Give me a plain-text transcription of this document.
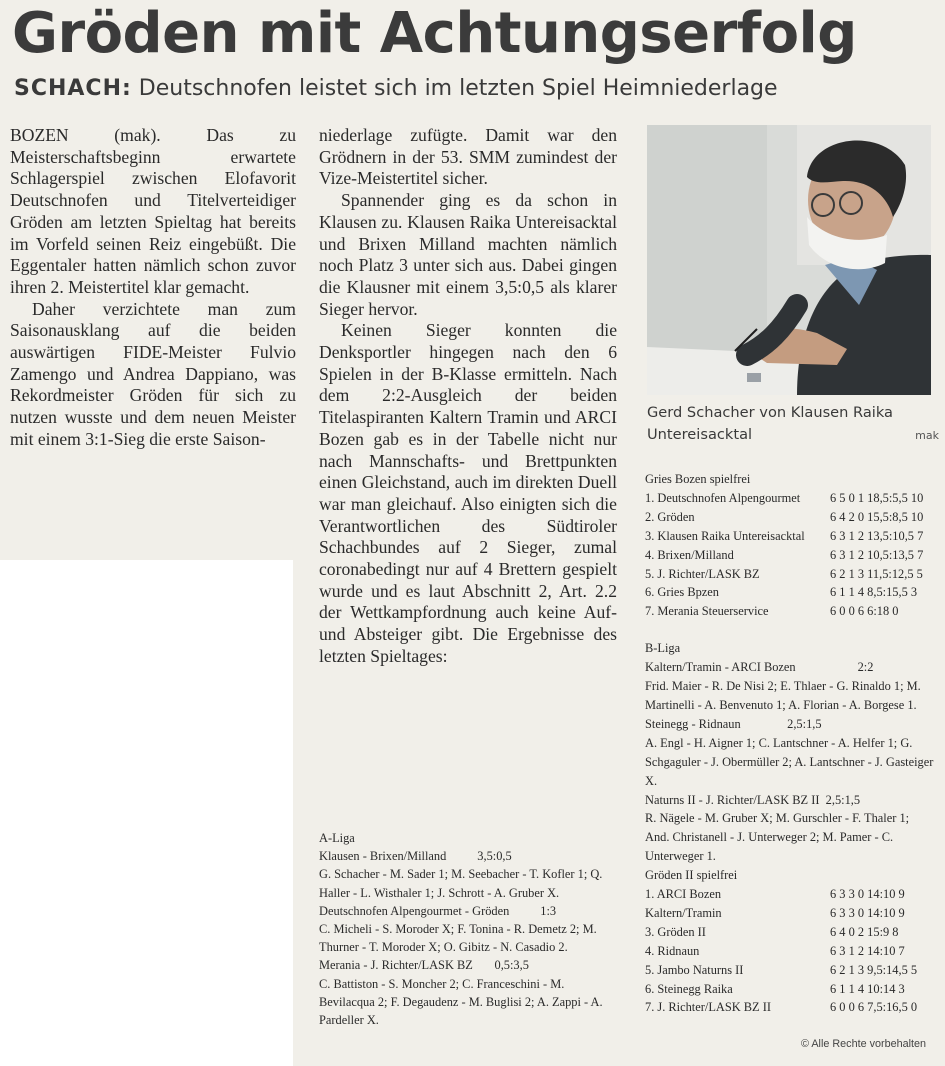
Gröden mit Achtungserfolg

SCHACH: Deutschnofen leistet sich im letzten Spiel Heimniederlage

BOZEN (mak). Das zu Meisterschaftsbeginn erwartete Schlagerspiel zwischen Elofavorit Deutschnofen und Titelverteidiger Gröden am letzten Spieltag hat bereits im Vorfeld seinen Reiz eingebüßt. Die Eggentaler hatten nämlich schon zuvor ihren 2. Meistertitel klar gemacht.

Daher verzichtete man zum Saisonausklang auf die beiden auswärtigen FIDE-Meister Fulvio Zamengo und Andrea Dappiano, was Rekordmeister Gröden für sich zu nutzen wusste und dem neuen Meister mit einem 3:1-Sieg die erste Saison-

niederlage zufügte. Damit war den Grödnern in der 53. SMM zumindest der Vize-Meistertitel sicher.

Spannender ging es da schon in Klausen zu. Klausen Raika Untereisacktal und Brixen Milland machten nämlich noch Platz 3 unter sich aus. Dabei gingen die Klausner mit einem 3,5:0,5 als klarer Sieger hervor.

Keinen Sieger konnten die Denksportler hingegen nach den 6 Spielen in der B-Klasse ermitteln. Nach dem 2:2-Ausgleich der beiden Titelaspiranten Kaltern Tramin und ARCI Bozen gab es in der Tabelle nicht nur nach Mannschafts- und Brettpunkten einen Gleichstand, auch im direkten Duell war man gleichauf. Also einigten sich die Verantwortlichen des Südtiroler Schachbundes auf 2 Sieger, zumal coronabedingt nur auf 4 Brettern gespielt wurde und es laut Abschnitt 2, Art. 2.2 der Wettkampfordnung auch keine Auf- und Absteiger gibt. Die Ergebnisse des letzten Spieltages:

A-Liga
Klausen - Brixen/Milland          3,5:0,5
G. Schacher - M. Sader 1; M. Seebacher - T. Kofler 1; Q. Haller - L. Wisthaler 1; J. Schrott - A. Gruber X.
Deutschnofen Alpengourmet - Gröden          1:3
C. Micheli - S. Moroder X; F. Tonina - R. Demetz 2; M. Thurner - T. Moroder X; O. Gibitz - N. Casadio 2.
Merania - J. Richter/LASK BZ       0,5:3,5
C. Battiston - S. Moncher 2; C. Franceschini - M. Bevilacqua 2; F. Degaudenz - M. Buglisi 2; A. Zappi - A. Pardeller X.
Gerd Schacher von Klausen Raika Untereisacktal	mak
Gries Bozen spielfrei
1. Deutschnofen Alpengourmet	6 5 0 1 18,5:5,5 10
2. Gröden	6 4 2 0 15,5:8,5 10
3. Klausen Raika Untereisacktal	6 3 1 2 13,5:10,5 7
4. Brixen/Milland	6 3 1 2 10,5:13,5 7
5. J. Richter/LASK BZ	6 2 1 3 11,5:12,5 5
6. Gries Bpzen	6 1 1 4 8,5:15,5 3
7. Merania Steuerservice	6 0 0 6 6:18 0
B-Liga
Kaltern/Tramin - ARCI Bozen                    2:2
Frid. Maier - R. De Nisi 2; E. Thlaer - G. Rinaldo 1; M. Martinelli - A. Benvenuto 1; A. Florian - A. Borgese 1.
Steinegg - Ridnaun               2,5:1,5
A. Engl - H. Aigner 1; C. Lantschner - A. Helfer 1; G. Schgaguler - J. Obermüller 2; A. Lantschner - J. Gasteiger X.
Naturns II - J. Richter/LASK BZ II  2,5:1,5
R. Nägele - M. Gruber X; M. Gurschler - F. Thaler 1; And. Christanell - J. Unterweger 2; M. Pamer - C. Unterweger 1.
Gröden II spielfrei
1. ARCI Bozen	6 3 3 0 14:10 9
Kaltern/Tramin	6 3 3 0 14:10 9
3. Gröden II	6 4 0 2 15:9 8
4. Ridnaun	6 3 1 2 14:10 7
5. Jambo Naturns II	6 2 1 3 9,5:14,5 5
6. Steinegg Raika	6 1 1 4 10:14 3
7. J. Richter/LASK BZ II	6 0 0 6 7,5:16,5 0
© Alle Rechte vorbehalten
